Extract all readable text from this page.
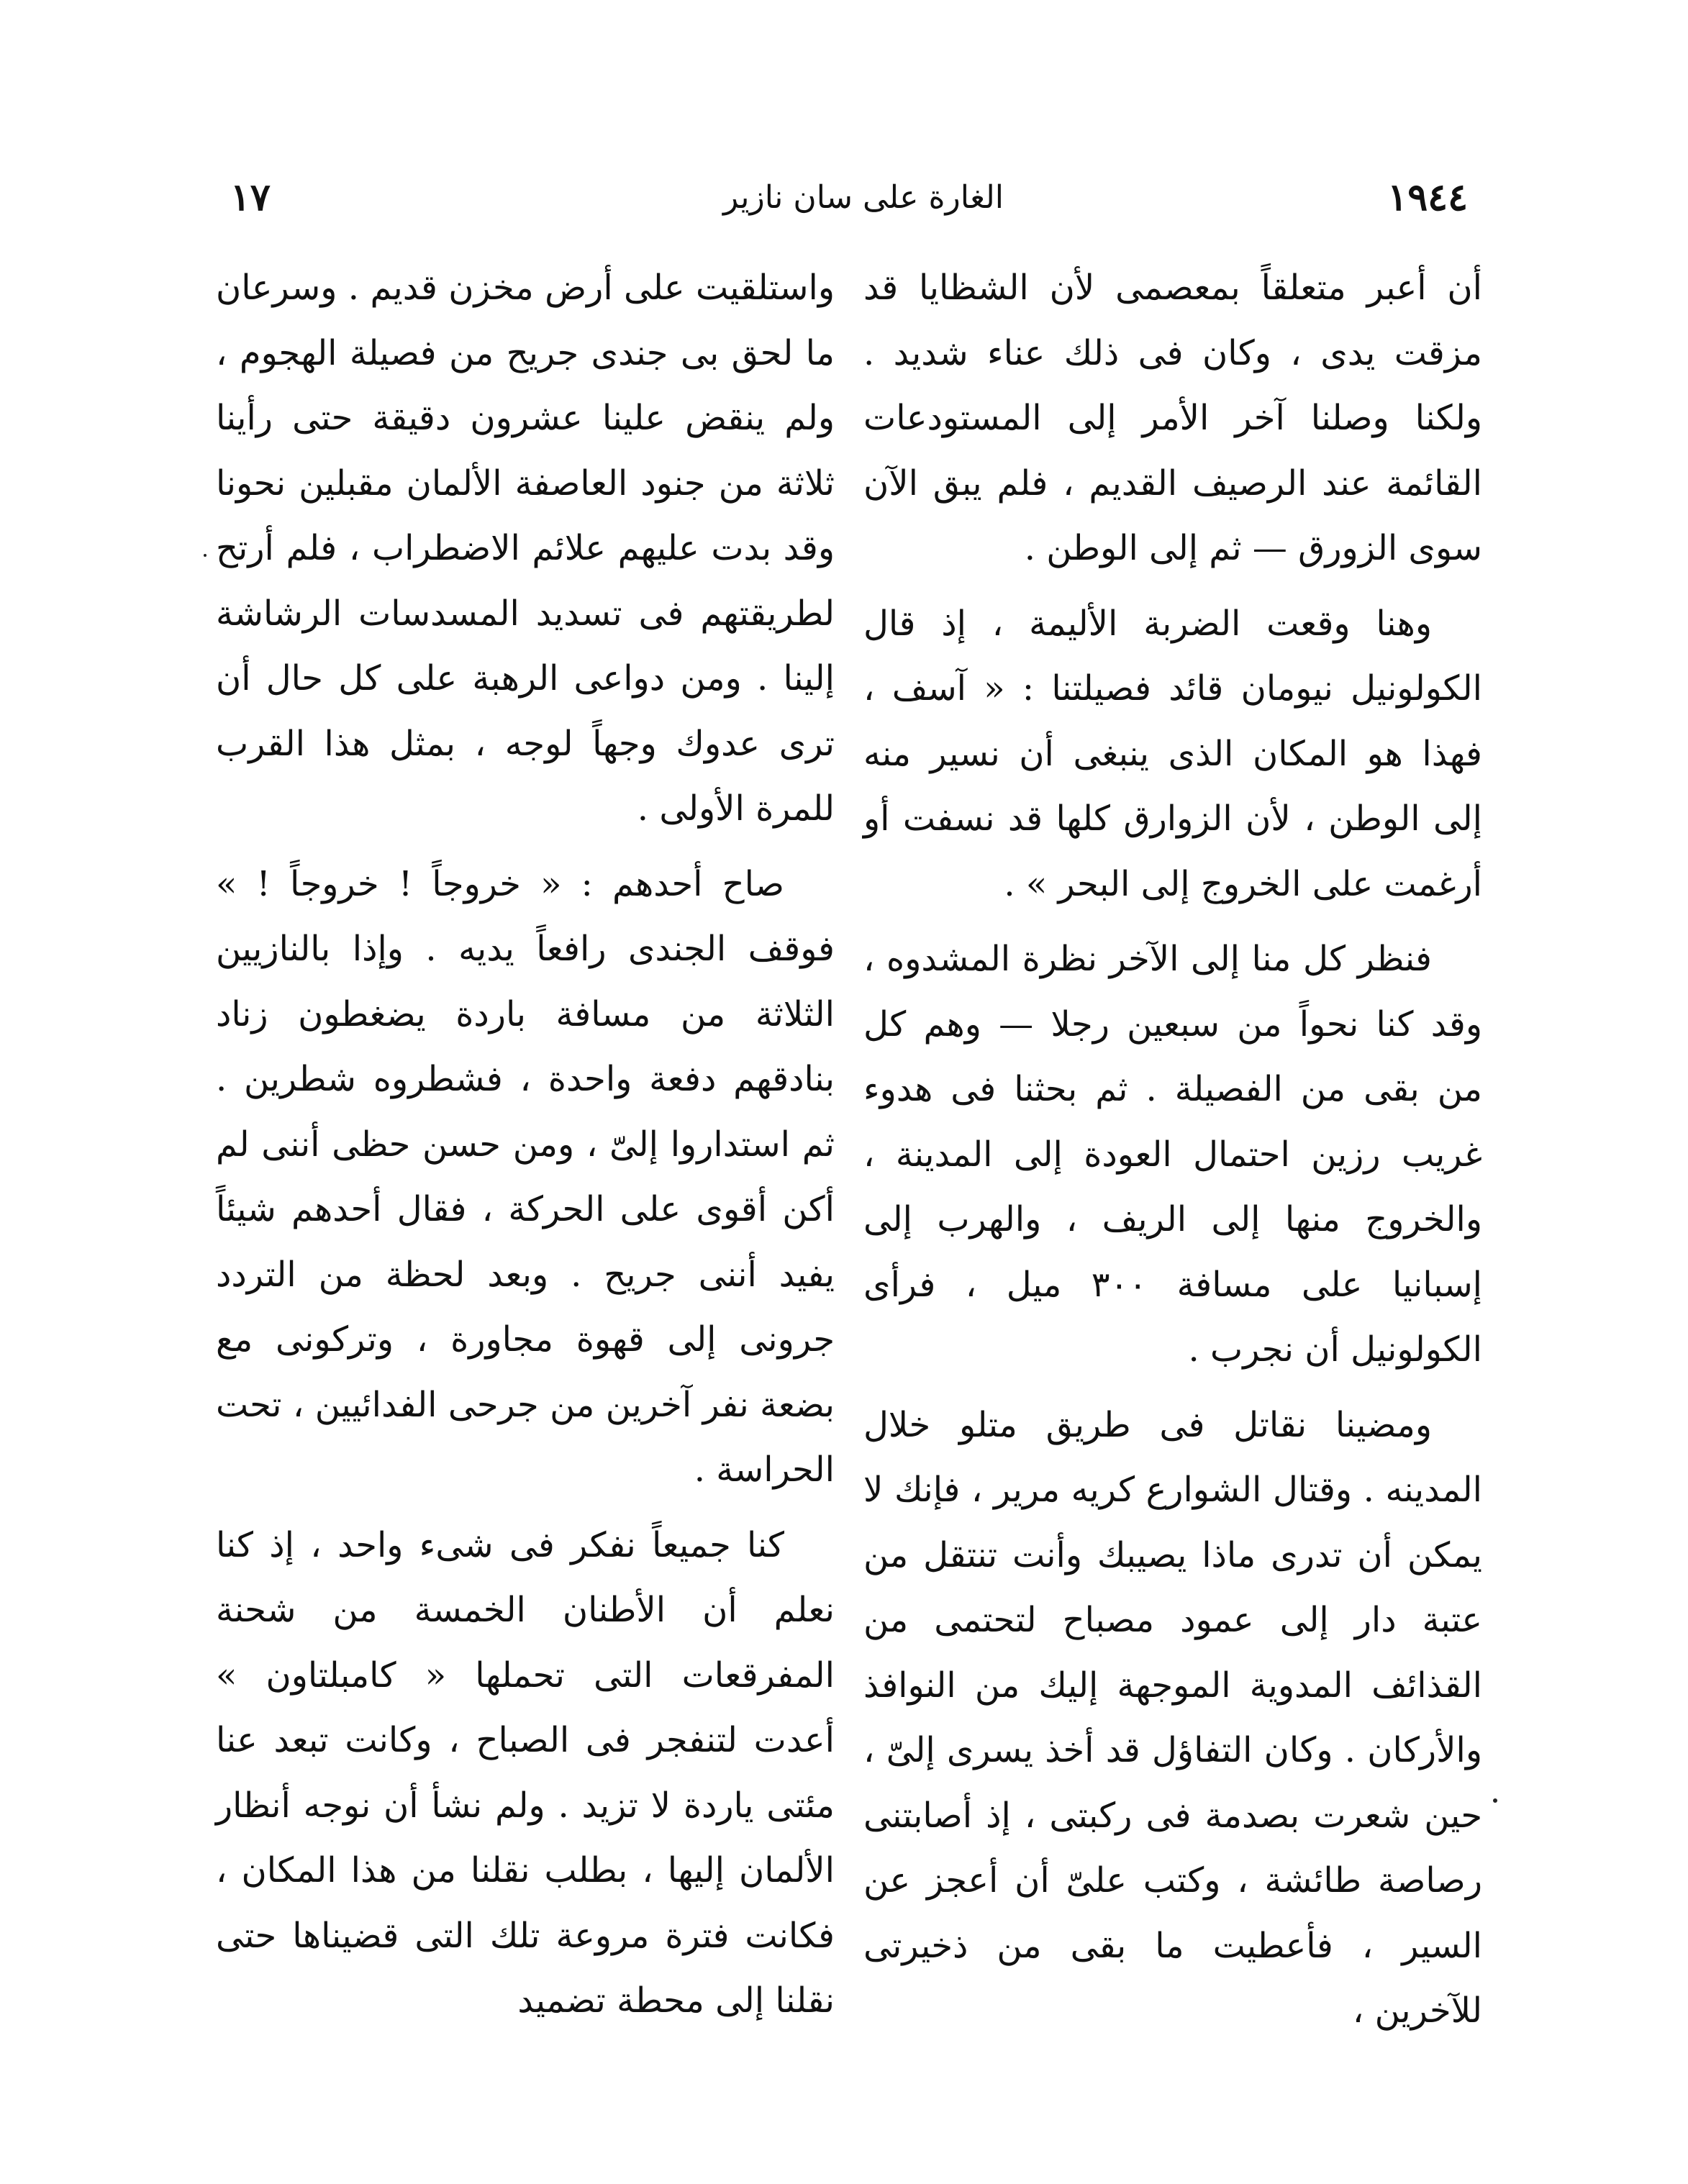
١٧	الغارة على سان نازير	١٩٤٤

أن أعبر متعلقاً بمعصمى لأن الشظايا قد مزقت يدى ، وكان فى ذلك عناء شديد . ولكنا وصلنا آخر الأمر إلى المستودعات القائمة عند الرصيف القديم ، فلم يبق الآن سوى الزورق — ثم إلى الوطن .

وهنا وقعت الضربة الأليمة ، إذ قال الكولونيل نيومان قائد فصيلتنا : « آسف ، فهذا هو المكان الذى ينبغى أن نسير منه إلى الوطن ، لأن الزوارق كلها قد نسفت أو أرغمت على الخروج إلى البحر » .

فنظر كل منا إلى الآخر نظرة المشدوه ، وقد كنا نحواً من سبعين رجلا — وهم كل من بقى من الفصيلة . ثم بحثنا فى هدوء غريب رزين احتمال العودة إلى المدينة ، والخروج منها إلى الريف ، والهرب إلى إسبانيا على مسافة ٣٠٠ ميل ، فرأى الكولونيل أن نجرب .

ومضينا نقاتل فى طريق متلو خلال المدينه . وقتال الشوارع كريه مرير ، فإنك لا يمكن أن تدرى ماذا يصيبك وأنت تنتقل من عتبة دار إلى عمود مصباح لتحتمى من القذائف المدوية الموجهة إليك من النوافذ والأركان . وكان التفاؤل قد أخذ يسرى إلىّ ، حين شعرت بصدمة فى ركبتى ، إذ أصابتنى رصاصة طائشة ، وكتب علىّ أن أعجز عن السير ، فأعطيت ما بقى من ذخيرتى للآخرين ،

واستلقيت على أرض مخزن قديم . وسرعان ما لحق بى جندى جريح من فصيلة الهجوم ، ولم ينقض علينا عشرون دقيقة حتى رأينا ثلاثة من جنود العاصفة الألمان مقبلين نحونا وقد بدت عليهم علائم الاضطراب ، فلم أرتح لطريقتهم فى تسديد المسدسات الرشاشة إلينا . ومن دواعى الرهبة على كل حال أن ترى عدوك وجهاً لوجه ، بمثل هذا القرب للمرة الأولى .

صاح أحدهم : « خروجاً ! خروجاً ! » فوقف الجندى رافعاً يديه . وإذا بالنازيين الثلاثة من مسافة باردة يضغطون زناد بنادقهم دفعة واحدة ، فشطروه شطرين . ثم استداروا إلىّ ، ومن حسن حظى أننى لم أكن أقوى على الحركة ، فقال أحدهم شيئاً يفيد أننى جريح . وبعد لحظة من التردد جرونى إلى قهوة مجاورة ، وتركونى مع بضعة نفر آخرين من جرحى الفدائيين ، تحت الحراسة .

كنا جميعاً نفكر فى شىء واحد ، إذ كنا نعلم أن الأطنان الخمسة من شحنة المفرقعات التى تحملها « كامبلتاون » أعدت لتنفجر فى الصباح ، وكانت تبعد عنا مئتى ياردة لا تزيد . ولم نشأ أن نوجه أنظار الألمان إليها ، بطلب نقلنا من هذا المكان ، فكانت فترة مروعة تلك التى قضيناها حتى نقلنا إلى محطة تضميد
